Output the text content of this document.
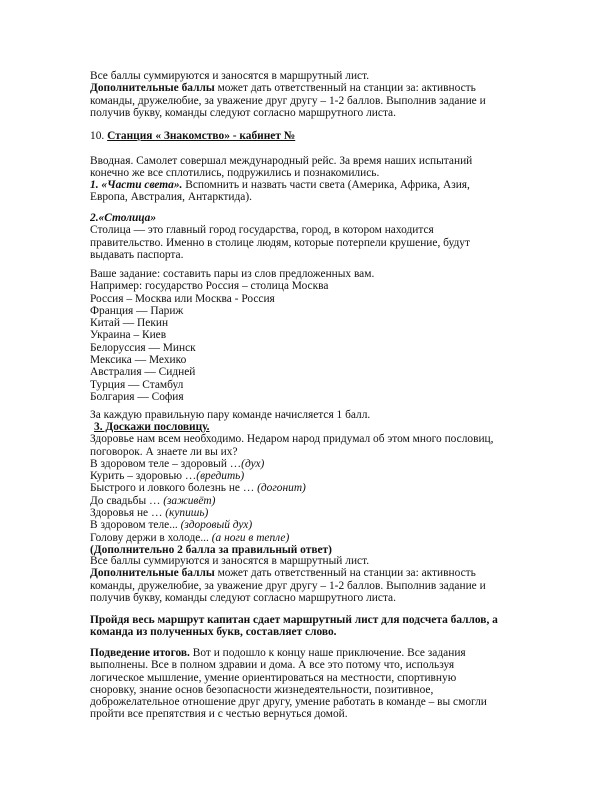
Все баллы суммируются и заносятся в маршрутный лист.
Дополнительные баллы может дать ответственный на станции за: активность
команды, дружелюбие, за уважение друг другу – 1-2 баллов. Выполнив задание и
получив букву, команды следуют согласно маршрутного листа.
10. Станция « Знакомство» - кабинет №
Вводная. Самолет совершал международный рейс. За время наших испытаний
конечно же все сплотились, подружились и познакомились.
1. «Части света». Вспомнить и назвать части света (Америка, Африка, Азия,
Европа, Австралия, Антарктида).
2.«Столица»
Столица — это главный город государства, город, в котором находится
правительство. Именно в столице людям, которые потерпели крушение, будут
выдавать паспорта.
Ваше задание: составить пары из слов предложенных вам.
Например: государство Россия – столица Москва
Россия – Москва или Москва - Россия
Франция — Париж
Китай — Пекин
Украина – Киев
Белоруссия — Минск
Мексика — Мехико
Австралия — Сидней
Турция — Стамбул
Болгария — София
За каждую правильную пару команде начисляется 1 балл.
3. Доскажи пословицу.
Здоровье нам всем необходимо. Недаром народ придумал об этом много пословиц,
поговорок. А знаете ли вы их?
В здоровом теле – здоровый …(дух)
Курить – здоровью …(вредить)
Быстрого и ловкого болезнь не … (догонит)
До свадьбы … (заживёт)
Здоровья не … (купишь)
В здоровом теле... (здоровый дух)
Голову держи в холоде... (а ноги в тепле)
(Дополнительно 2 балла за правильный ответ)
Все баллы суммируются и заносятся в маршрутный лист.
Дополнительные баллы может дать ответственный на станции за: активность
команды, дружелюбие, за уважение друг другу – 1-2 баллов. Выполнив задание и
получив букву, команды следуют согласно маршрутного листа.
Пройдя весь маршрут капитан сдает маршрутный лист для подсчета баллов, а
команда из полученных букв, составляет слово.
Подведение итогов. Вот и подошло к концу наше приключение. Все задания
выполнены. Все в полном здравии и дома. А все это потому что, используя
логическое мышление, умение ориентироваться на местности, спортивную
сноровку, знание основ безопасности жизнедеятельности, позитивное,
доброжелательное отношение друг другу, умение работать в команде – вы смогли
пройти все препятствия и с честью вернуться домой.
